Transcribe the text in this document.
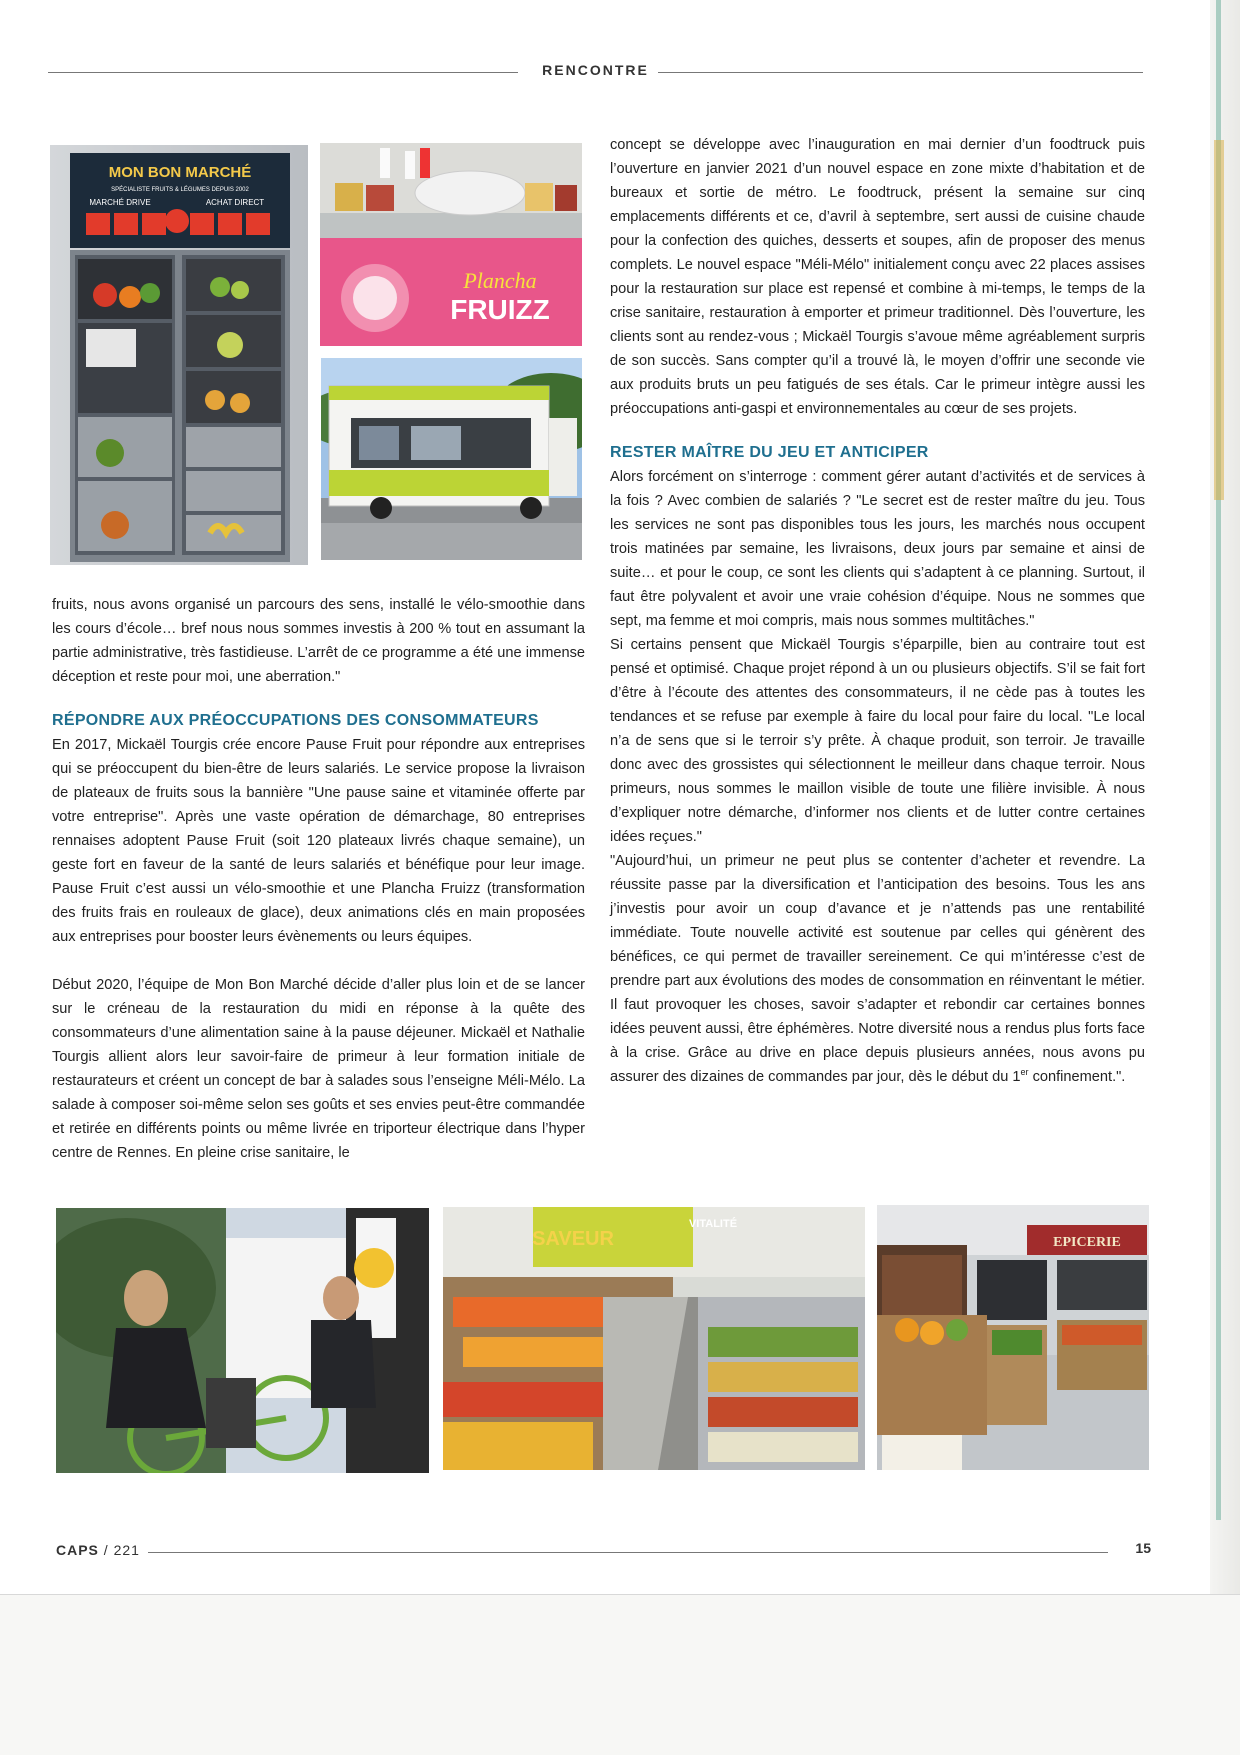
RENCONTRE
MON BON MARCHÉ
SPÉCIALISTE FRUITS & LÉGUMES DEPUIS 2002
MARCHÉ DRIVE	ACHAT DIRECT
Plancha
FRUIZZ

concept se développe avec l’inauguration en mai dernier d’un foodtruck puis l’ouverture en janvier 2021 d’un nouvel espace en zone mixte d’habitation et de bureaux et sortie de métro. Le foodtruck, présent la semaine sur cinq emplacements différents et ce, d’avril à septembre, sert aussi de cuisine chaude pour la confection des quiches, desserts et soupes, afin de proposer des menus complets. Le nouvel espace "Méli-Mélo" initialement conçu avec 22 places assises pour la restauration sur place est repensé et combine à mi-temps, le temps de la crise sanitaire, restauration à emporter et primeur traditionnel. Dès l’ouverture, les clients sont au rendez-vous ; Mickaël Tourgis s’avoue même agréablement surpris de son succès. Sans compter qu’il a trouvé là, le moyen d’offrir une seconde vie aux produits bruts un peu fatigués de ses étals. Car le primeur intègre aussi les préoccupations anti-gaspi et environnementales au cœur de ses projets.

RESTER MAÎTRE DU JEU ET ANTICIPER

Alors forcément on s’interroge : comment gérer autant d’activités et de services à la fois ? Avec combien de salariés ? "Le secret est de rester maître du jeu. Tous les services ne sont pas disponibles tous les jours, les marchés nous occupent trois matinées par semaine, les livraisons, deux jours par semaine et ainsi de suite… et pour le coup, ce sont les clients qui s’adaptent à ce planning. Surtout, il faut être polyvalent et avoir une vraie cohésion d’équipe. Nous ne sommes que sept, ma femme et moi compris, mais nous sommes multitâches."

Si certains pensent que Mickaël Tourgis s’éparpille, bien au contraire tout est pensé et optimisé. Chaque projet répond à un ou plusieurs objectifs. S’il se fait fort d’être à l’écoute des attentes des consommateurs, il ne cède pas à toutes les tendances et se refuse par exemple à faire du local pour faire du local. "Le local n’a de sens que si le terroir s’y prête. À chaque produit, son terroir. Je travaille donc avec des grossistes qui sélectionnent le meilleur dans chaque terroir. Nous primeurs, nous sommes le maillon visible de toute une filière invisible. À nous d’expliquer notre démarche, d’informer nos clients et de lutter contre certaines idées reçues."

"Aujourd’hui, un primeur ne peut plus se contenter d’acheter et revendre. La réussite passe par la diversification et l’anticipation des besoins. Tous les ans j’investis pour avoir un coup d’avance et je n’attends pas une rentabilité immédiate. Toute nouvelle activité est soutenue par celles qui génèrent des bénéfices, ce qui permet de travailler sereinement. Ce qui m’intéresse c’est de prendre part aux évolutions des modes de consommation en réinventant le métier. Il faut provoquer les choses, savoir s’adapter et rebondir car certaines bonnes idées peuvent aussi, être éphémères. Notre diversité nous a rendus plus forts face à la crise. Grâce au drive en place depuis plusieurs années, nous avons pu assurer des dizaines de commandes par jour, dès le début du 1er confinement.".

fruits, nous avons organisé un parcours des sens, installé le vélo-smoothie dans les cours d’école… bref nous nous sommes investis à 200 % tout en assumant la partie administrative, très fastidieuse. L’arrêt de ce programme a été une immense déception et reste pour moi, une aberration."

RÉPONDRE AUX PRÉOCCUPATIONS DES CONSOMMATEURS

En 2017, Mickaël Tourgis crée encore Pause Fruit pour répondre aux entreprises qui se préoccupent du bien-être de leurs salariés. Le service propose la livraison de plateaux de fruits sous la bannière "Une pause saine et vitaminée offerte par votre entreprise". Après une vaste opération de démarchage, 80 entreprises rennaises adoptent Pause Fruit (soit 120 plateaux livrés chaque semaine), un geste fort en faveur de la santé de leurs salariés et bénéfique pour leur image. Pause Fruit c’est aussi un vélo-smoothie et une Plancha Fruizz (transformation des fruits frais en rouleaux de glace), deux animations clés en main proposées aux entreprises pour booster leurs évènements ou leurs équipes.

Début 2020, l’équipe de Mon Bon Marché décide d’aller plus loin et de se lancer sur le créneau de la restauration du midi en réponse à la quête des consommateurs d’une alimentation saine à la pause déjeuner. Mickaël et Nathalie Tourgis allient alors leur savoir-faire de primeur à leur formation initiale de restaurateurs et créent un concept de bar à salades sous l’enseigne Méli-Mélo. La salade à composer soi-même selon ses goûts et ses envies peut-être commandée et retirée en différents points ou même livrée en triporteur électrique dans l’hyper centre de Rennes. En pleine crise sanitaire, le

SAVEUR
VITALITÉ
EPICERIE
CAPS / 221	15
